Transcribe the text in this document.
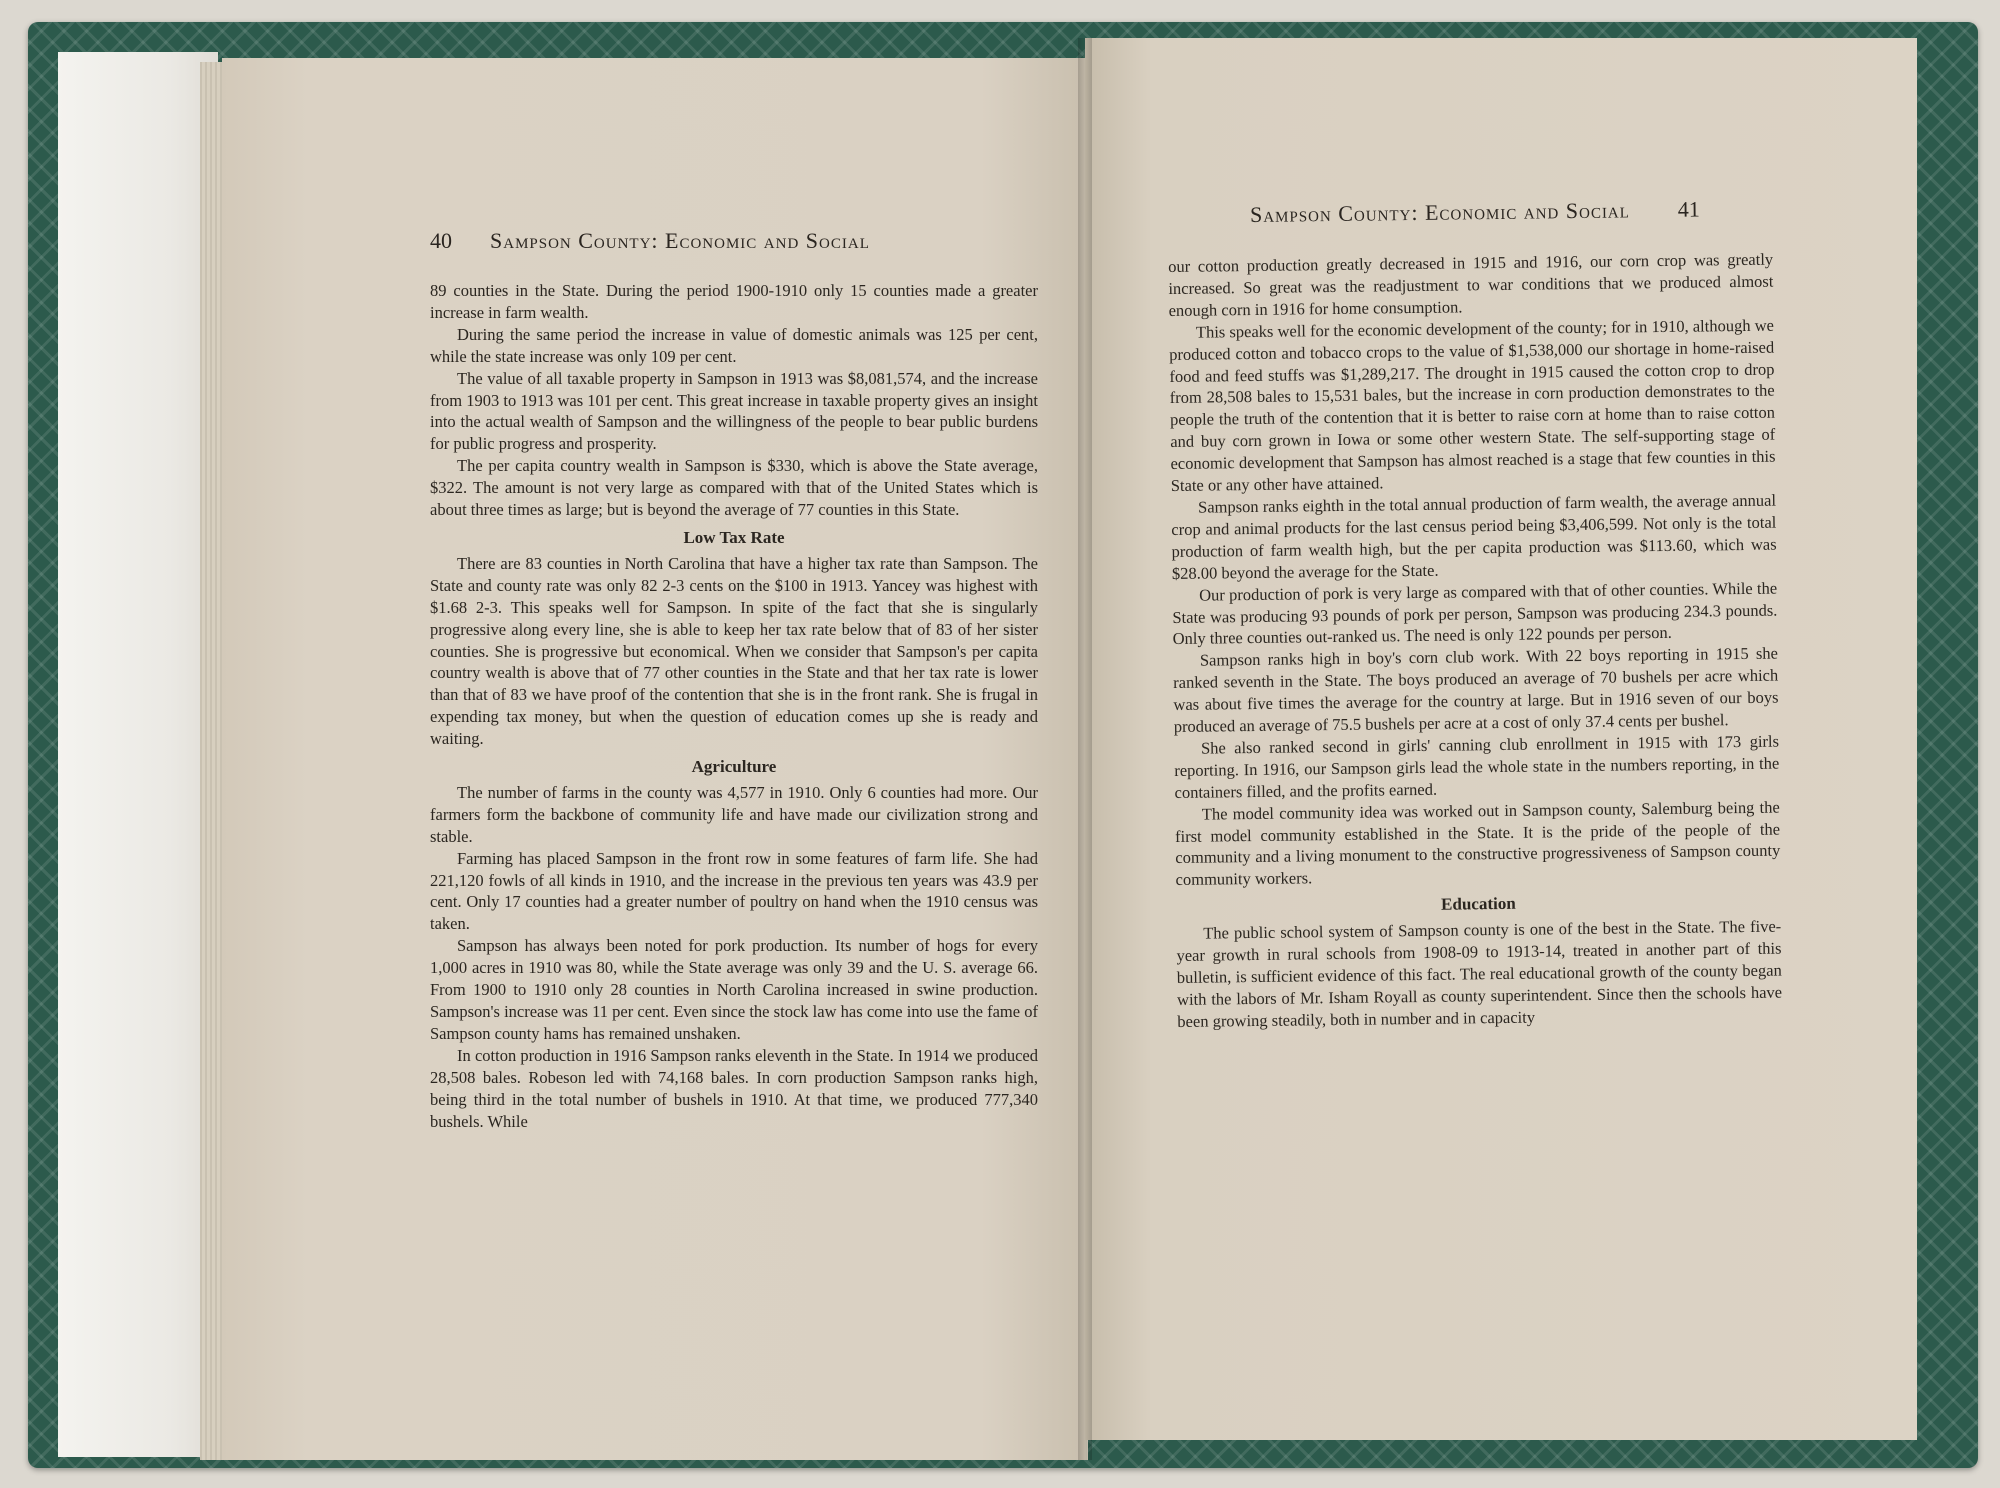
40 Sampson County: Economic and Social
Sampson County: Economic and Social 41

89 counties in the State. During the period 1900-1910 only 15 counties made a greater increase in farm wealth.

During the same period the increase in value of domestic animals was 125 per cent, while the state increase was only 109 per cent.

The value of all taxable property in Sampson in 1913 was $8,081,574, and the increase from 1903 to 1913 was 101 per cent. This great increase in taxable property gives an insight into the actual wealth of Sampson and the willingness of the people to bear public burdens for public progress and prosperity.

The per capita country wealth in Sampson is $330, which is above the State average, $322. The amount is not very large as compared with that of the United States which is about three times as large; but is beyond the average of 77 counties in this State.

Low Tax Rate

There are 83 counties in North Carolina that have a higher tax rate than Sampson. The State and county rate was only 82 2-3 cents on the $100 in 1913. Yancey was highest with $1.68 2-3. This speaks well for Sampson. In spite of the fact that she is singularly progressive along every line, she is able to keep her tax rate below that of 83 of her sister counties. She is progressive but economical. When we consider that Sampson's per capita country wealth is above that of 77 other counties in the State and that her tax rate is lower than that of 83 we have proof of the contention that she is in the front rank. She is frugal in expending tax money, but when the question of education comes up she is ready and waiting.

Agriculture

The number of farms in the county was 4,577 in 1910. Only 6 counties had more. Our farmers form the backbone of community life and have made our civilization strong and stable.

Farming has placed Sampson in the front row in some features of farm life. She had 221,120 fowls of all kinds in 1910, and the increase in the previous ten years was 43.9 per cent. Only 17 counties had a greater number of poultry on hand when the 1910 census was taken.

Sampson has always been noted for pork production. Its number of hogs for every 1,000 acres in 1910 was 80, while the State average was only 39 and the U. S. average 66. From 1900 to 1910 only 28 counties in North Carolina increased in swine production. Sampson's increase was 11 per cent. Even since the stock law has come into use the fame of Sampson county hams has remained unshaken.

In cotton production in 1916 Sampson ranks eleventh in the State. In 1914 we produced 28,508 bales. Robeson led with 74,168 bales. In corn production Sampson ranks high, being third in the total number of bushels in 1910. At that time, we produced 777,340 bushels. While

our cotton production greatly decreased in 1915 and 1916, our corn crop was greatly increased. So great was the readjustment to war conditions that we produced almost enough corn in 1916 for home consumption.

This speaks well for the economic development of the county; for in 1910, although we produced cotton and tobacco crops to the value of $1,538,000 our shortage in home-raised food and feed stuffs was $1,289,217. The drought in 1915 caused the cotton crop to drop from 28,508 bales to 15,531 bales, but the increase in corn production demonstrates to the people the truth of the contention that it is better to raise corn at home than to raise cotton and buy corn grown in Iowa or some other western State. The self-supporting stage of economic development that Sampson has almost reached is a stage that few counties in this State or any other have attained.

Sampson ranks eighth in the total annual production of farm wealth, the average annual crop and animal products for the last census period being $3,406,599. Not only is the total production of farm wealth high, but the per capita production was $113.60, which was $28.00 beyond the average for the State.

Our production of pork is very large as compared with that of other counties. While the State was producing 93 pounds of pork per person, Sampson was producing 234.3 pounds. Only three counties out-ranked us. The need is only 122 pounds per person.

Sampson ranks high in boy's corn club work. With 22 boys reporting in 1915 she ranked seventh in the State. The boys produced an average of 70 bushels per acre which was about five times the average for the country at large. But in 1916 seven of our boys produced an average of 75.5 bushels per acre at a cost of only 37.4 cents per bushel.

She also ranked second in girls' canning club enrollment in 1915 with 173 girls reporting. In 1916, our Sampson girls lead the whole state in the numbers reporting, in the containers filled, and the profits earned.

The model community idea was worked out in Sampson county, Salemburg being the first model community established in the State. It is the pride of the people of the community and a living monument to the constructive progressiveness of Sampson county community workers.

Education

The public school system of Sampson county is one of the best in the State. The five-year growth in rural schools from 1908-09 to 1913-14, treated in another part of this bulletin, is sufficient evidence of this fact. The real educational growth of the county began with the labors of Mr. Isham Royall as county superintendent. Since then the schools have been growing steadily, both in number and in capacity
